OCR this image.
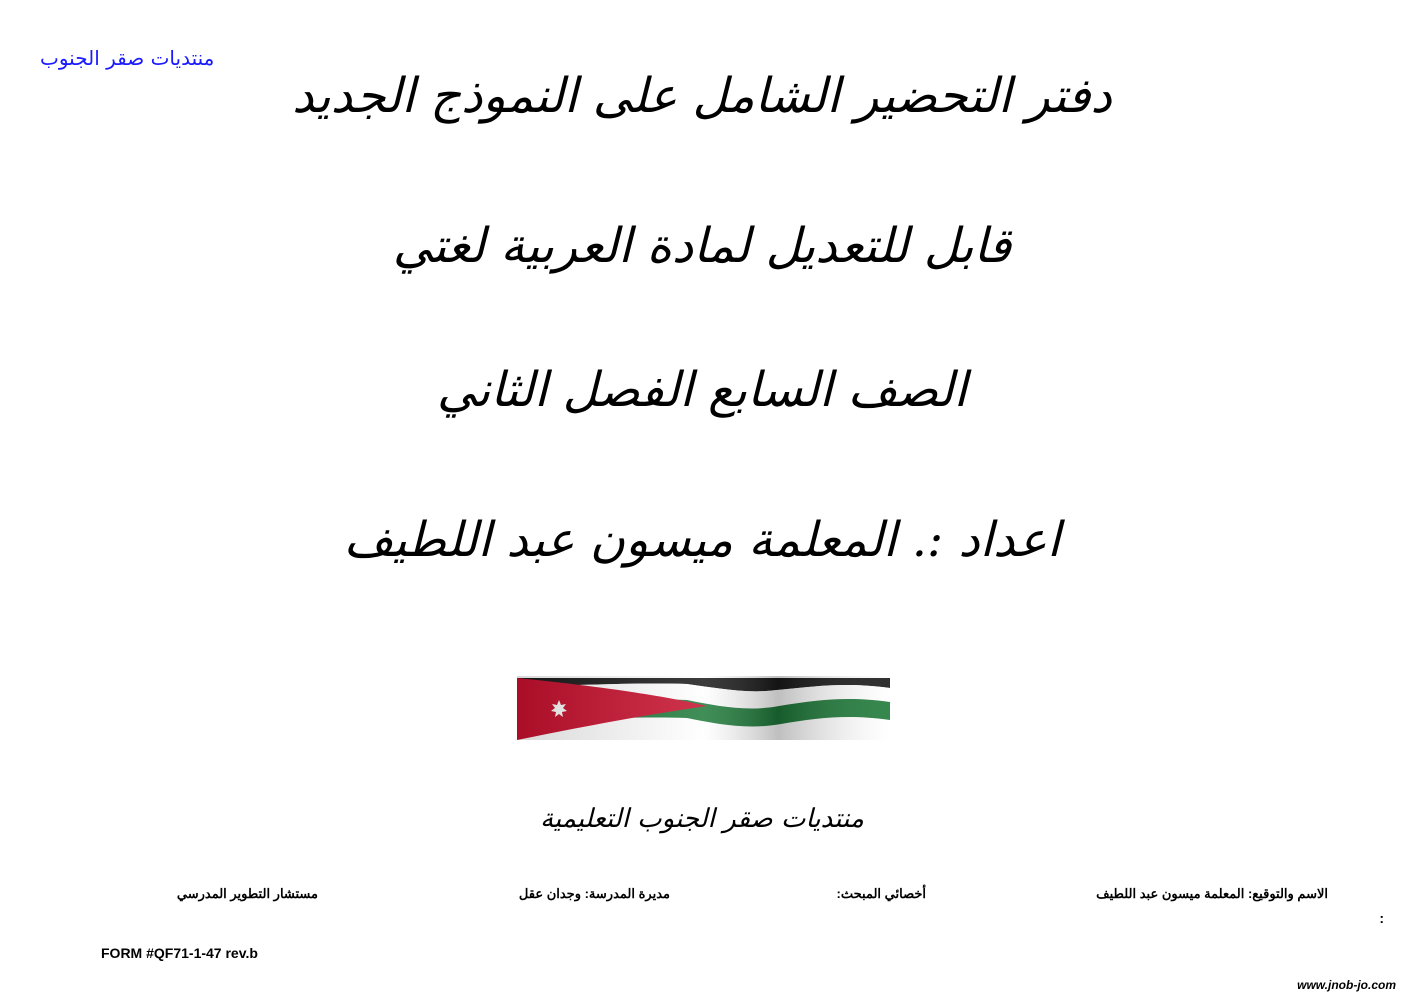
منتديات صقر الجنوب
دفتر التحضير الشامل على النموذج الجديد
قابل للتعديل لمادة العربية لغتي
الصف السابع الفصل الثاني
اعداد :. المعلمة ميسون عبد اللطيف
منتديات صقر الجنوب التعليمية
الاسم والتوقيع: المعلمة ميسون عبد اللطيف
أخصائي المبحث:
مديرة المدرسة: وجدان عقل
مستشار التطوير المدرسي
:
FORM #QF71-1-47 rev.b
www.jnob-jo.com
